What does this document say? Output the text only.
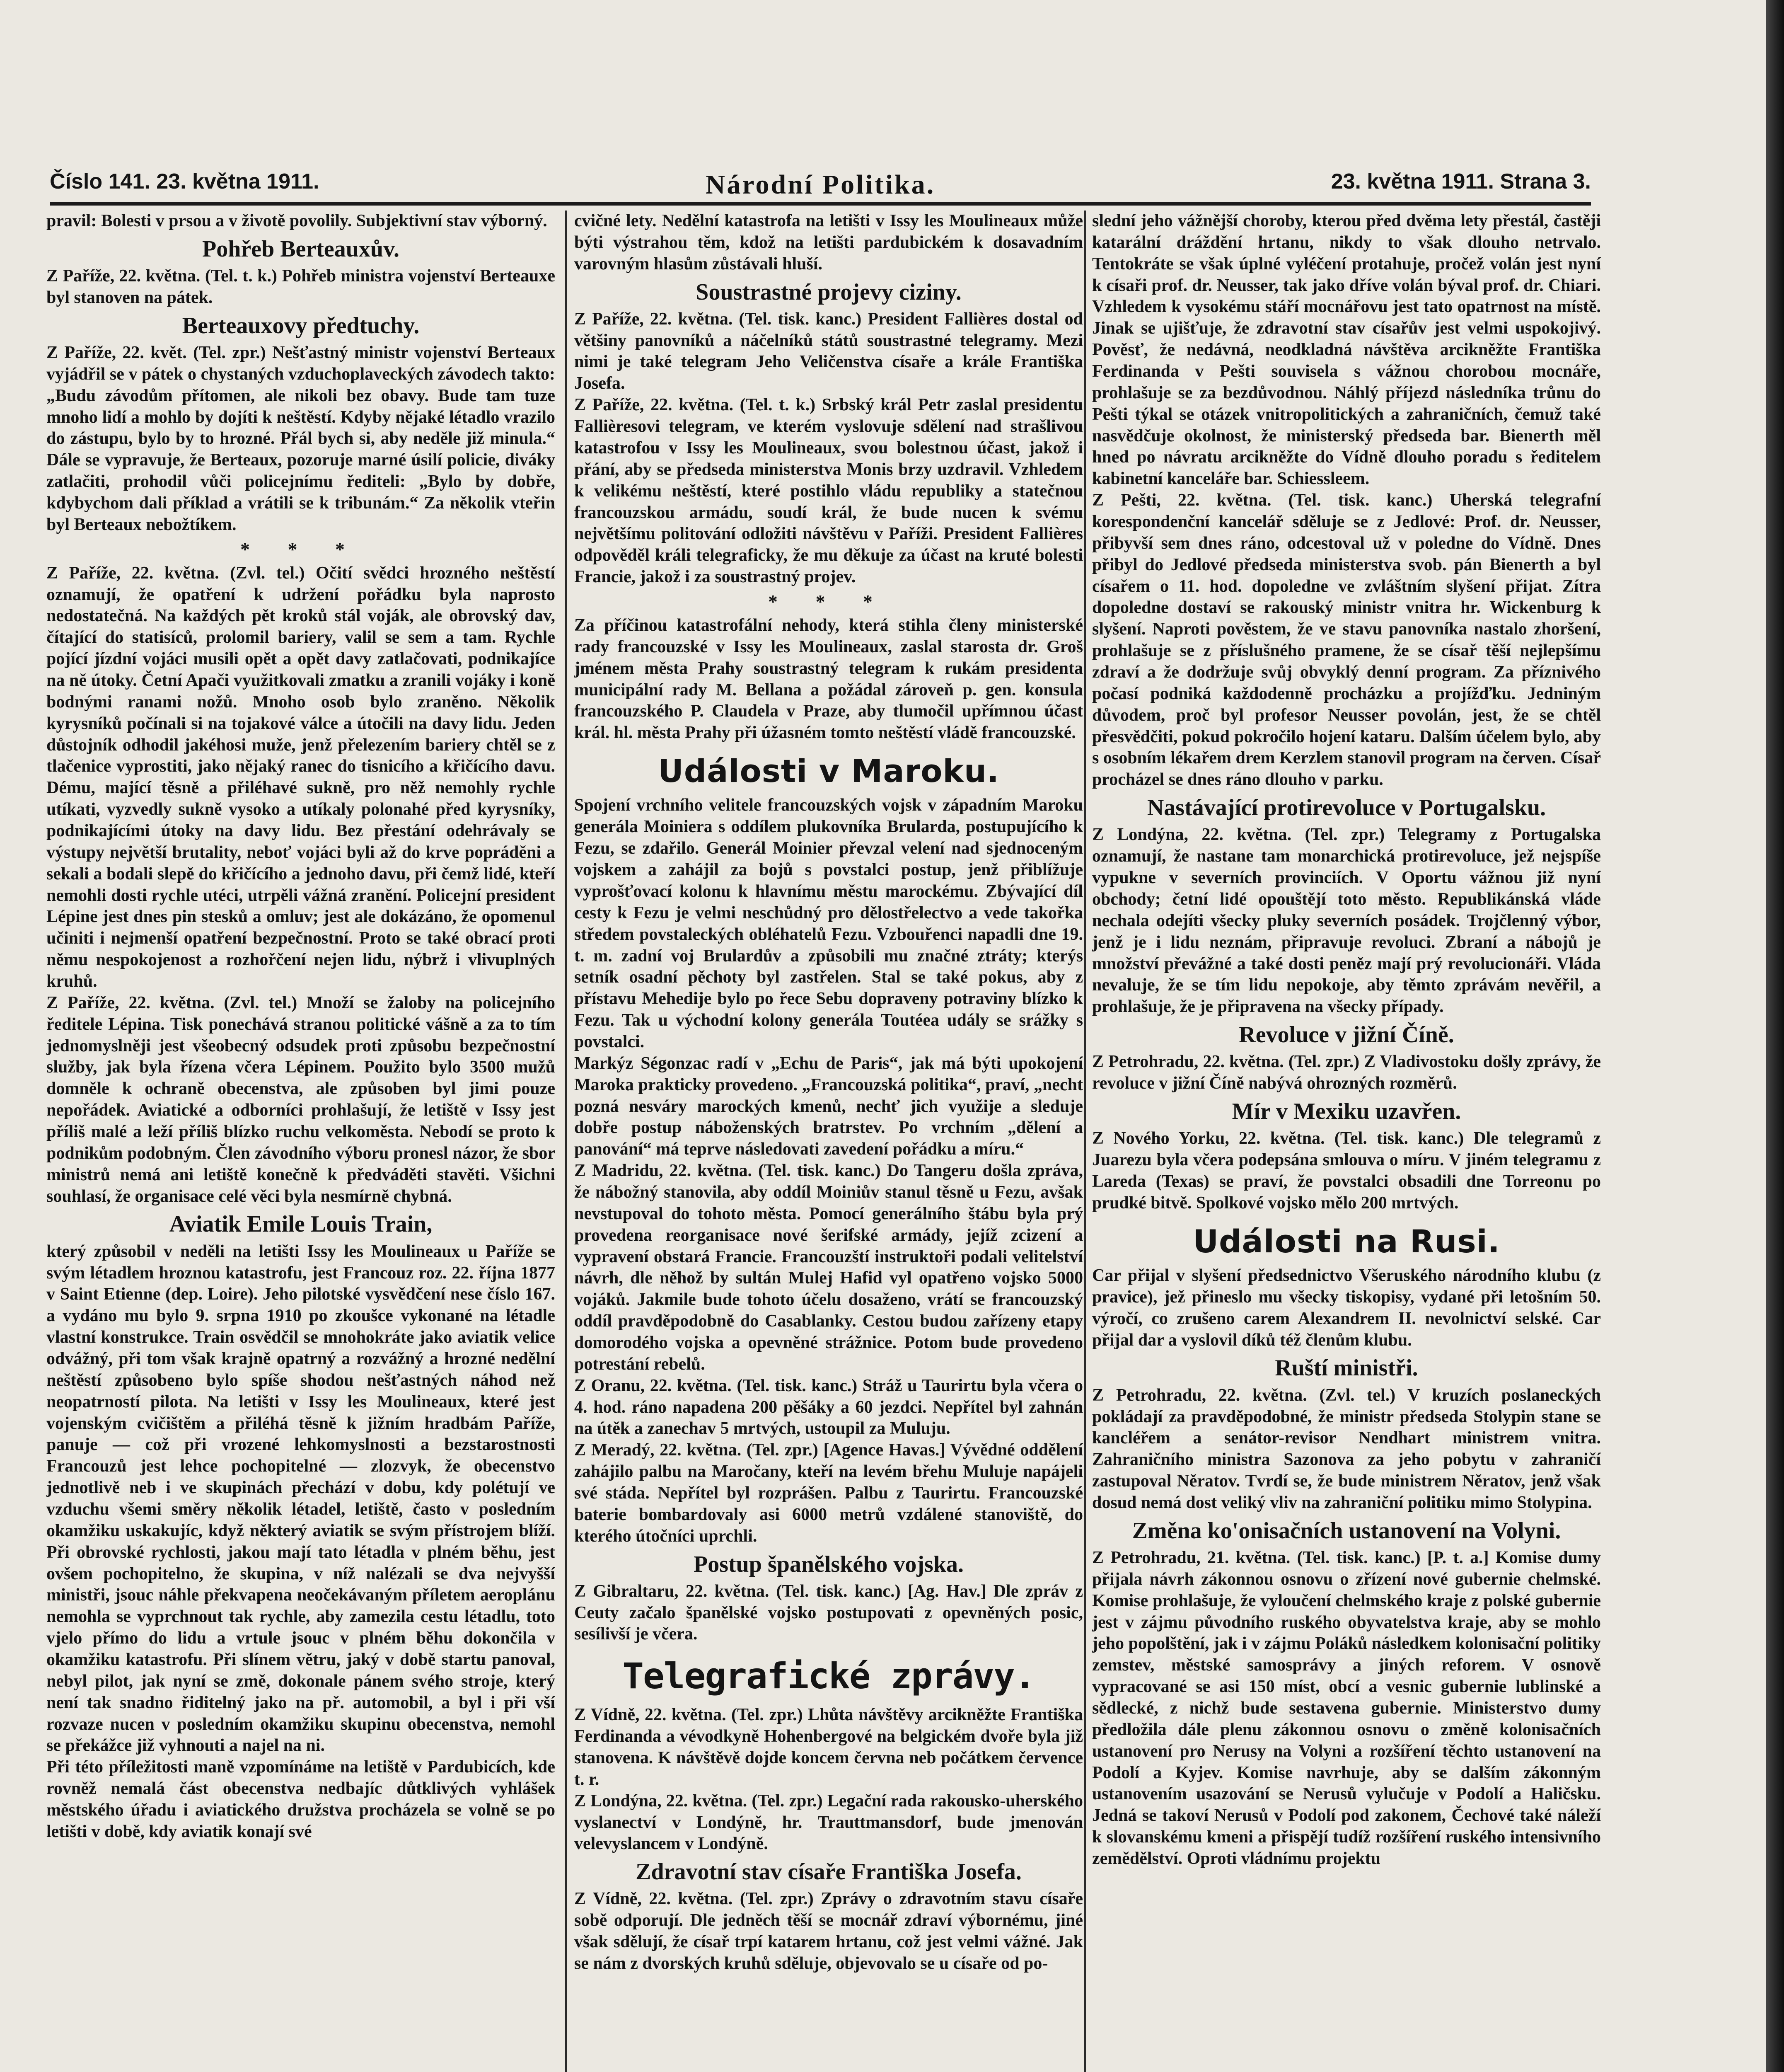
Číslo 141. 23. května 1911.	Národní Politika.	23. května 1911. Strana 3.
pravil: Bolesti v prsou a v životě povolily. Subjektivní stav výborný.
Pohřeb Berteauxův.
Z Paříže, 22. května. (Tel. t. k.) Pohřeb ministra vojenství Berteauxe byl stanoven na pátek.
Berteauxovy předtuchy.
Z Paříže, 22. květ. (Tel. zpr.) Nešťastný ministr vojenství Berteaux vyjádřil se v pátek o chystaných vzduchoplaveckých závodech takto: „Budu závodům přítomen, ale nikoli bez obavy. Bude tam tuze mnoho lidí a mohlo by dojíti k neštěstí. Kdyby nějaké létadlo vrazilo do zástupu, bylo by to hrozné. Přál bych si, aby neděle již minula.“ Dále se vypravuje, že Berteaux, pozoruje marné úsilí policie, diváky zatlačiti, prohodil vůči policejnímu řediteli: „Bylo by dobře, kdybychom dali příklad a vrátili se k tribunám.“ Za několik vteřin byl Berteaux nebožtíkem.
* * *
Z Paříže, 22. května. (Zvl. tel.) Očití svědci hrozného neštěstí oznamují, že opatření k udržení pořádku byla naprosto nedostatečná. Na každých pět kroků stál voják, ale obrovský dav, čítající do statisíců, prolomil bariery, valil se sem a tam. Rychle pojící jízdní vojáci musili opět a opět davy zatlačovati, podnikajíce na ně útoky. Četní Apači využitkovali zmatku a zranili vojáky i koně bodnými ranami nožů. Mnoho osob bylo zraněno. Několik kyrysníků počínali si na tojakové válce a útočili na davy lidu. Jeden důstojník odhodil jakéhosi muže, jenž přelezením bariery chtěl se z tlačenice vyprostiti, jako nějaký ranec do tisnicího a křičícího davu. Dému, mající těsně a přiléhavé sukně, pro něž nemohly rychle utíkati, vyzvedly sukně vysoko a utíkaly polonahé před kyrysníky, podnikajícími útoky na davy lidu. Bez přestání odehrávaly se výstupy největší brutality, neboť vojáci byli až do krve popráděni a sekali a bodali slepě do křičícího a jednoho davu, při čemž lidé, kteří nemohli dosti rychle utéci, utrpěli vážná zranění. Policejní president Lépine jest dnes pin stesků a omluv; jest ale dokázáno, že opomenul učiniti i nejmenší opatření bezpečnostní. Proto se také obrací proti němu nespokojenost a rozhořčení nejen lidu, nýbrž i vlivuplných kruhů.
Z Paříže, 22. května. (Zvl. tel.) Množí se žaloby na policejního ředitele Lépina. Tisk ponechává stranou politické vášně a za to tím jednomyslněji jest všeobecný odsudek proti způsobu bezpečnostní služby, jak byla řízena včera Lépinem. Použito bylo 3500 mužů domněle k ochraně obecenstva, ale způsoben byl jimi pouze nepořádek. Aviatické a odborníci prohlašují, že letiště v Issy jest příliš malé a leží příliš blízko ruchu velkoměsta. Nebodí se proto k podnikům podobným. Člen závodního výboru pronesl názor, že sbor ministrů nemá ani letiště konečně k předváděti stavěti. Všichni souhlasí, že organisace celé věci byla nesmírně chybná.
Aviatik Emile Louis Train,
který způsobil v neděli na letišti Issy les Moulineaux u Paříže se svým létadlem hroznou katastrofu, jest Francouz roz. 22. října 1877 v Saint Etienne (dep. Loire). Jeho pilotské vysvědčení nese číslo 167. a vydáno mu bylo 9. srpna 1910 po zkoušce vykonané na létadle vlastní konstrukce. Train osvědčil se mnohokráte jako aviatik velice odvážný, při tom však krajně opatrný a rozvážný a hrozné nedělní neštěstí způsobeno bylo spíše shodou nešťastných náhod než neopatrností pilota. Na letišti v Issy les Moulineaux, které jest vojenským cvičištěm a přiléhá těsně k jižním hradbám Paříže, panuje — což při vrozené lehkomyslnosti a bezstarostnosti Francouzů jest lehce pochopitelné — zlozvyk, že obecenstvo jednotlivě neb i ve skupinách přechází v dobu, kdy polétují ve vzduchu všemi směry několik létadel, letiště, často v posledním okamžiku uskakujíc, když některý aviatik se svým přístrojem blíží. Při obrovské rychlosti, jakou mají tato létadla v plném běhu, jest ovšem pochopitelno, že skupina, v níž nalézali se dva nejvyšší ministři, jsouc náhle překvapena neočekávaným příletem aeroplánu nemohla se vyprchnout tak rychle, aby zamezila cestu létadlu, toto vjelo přímo do lidu a vrtule jsouc v plném běhu dokončila v okamžiku katastrofu. Při slínem větru, jaký v době startu panoval, nebyl pilot, jak nyní se změ, dokonale pánem svého stroje, který není tak snadno řiditelný jako na př. automobil, a byl i při vší rozvaze nucen v posledním okamžiku skupinu obecenstva, nemohl se překážce již vyhnouti a najel na ni.
Při této příležitosti maně vzpomínáme na letiště v Pardubicích, kde rovněž nemalá část obecenstva nedbajíc důtklivých vyhlášek městského úřadu i aviatického družstva procházela se volně se po letišti v době, kdy aviatik konají své
cvičné lety. Nedělní katastrofa na letišti v Issy les Moulineaux může býti výstrahou těm, kdož na letišti pardubickém k dosavadním varovným hlasům zůstávali hluší.
Soustrastné projevy ciziny.
Z Paříže, 22. května. (Tel. tisk. kanc.) President Fallières dostal od většiny panovníků a náčelníků států soustrastné telegramy. Mezi nimi je také telegram Jeho Veličenstva císaře a krále Františka Josefa.
Z Paříže, 22. května. (Tel. t. k.) Srbský král Petr zaslal presidentu Fallièresovi telegram, ve kterém vyslovuje sdělení nad strašlivou katastrofou v Issy les Moulineaux, svou bolestnou účast, jakož i přání, aby se předseda ministerstva Monis brzy uzdravil. Vzhledem k velikému neštěstí, které postihlo vládu republiky a statečnou francouzskou armádu, soudí král, že bude nucen k svému největšímu politování odložiti návštěvu v Paříži. President Fallières odpověděl králi telegraficky, že mu děkuje za účast na kruté bolesti Francie, jakož i za soustrastný projev.
* * *
Za příčinou katastrofální nehody, která stihla členy ministerské rady francouzské v Issy les Moulineaux, zaslal starosta dr. Groš jménem města Prahy soustrastný telegram k rukám presidenta municipální rady M. Bellana a požádal zároveň p. gen. konsula francouzského P. Claudela v Praze, aby tlumočil upřímnou účast král. hl. města Prahy při úžasném tomto neštěstí vládě francouzské.
Události v Maroku.
Spojení vrchního velitele francouzských vojsk v západním Maroku generála Moiniera s oddílem plukovníka Brularda, postupujícího k Fezu, se zdařilo. Generál Moinier převzal velení nad sjednoceným vojskem a zahájil za bojů s povstalci postup, jenž přiblížuje vyprošťovací kolonu k hlavnímu městu marockému. Zbývající díl cesty k Fezu je velmi neschůdný pro dělostřelectvo a vede takořka středem povstaleckých obléhatelů Fezu. Vzbouřenci napadli dne 19. t. m. zadní voj Brulardův a způsobili mu značné ztráty; kterýs setník osadní pěchoty byl zastřelen. Stal se také pokus, aby z přístavu Mehedije bylo po řece Sebu dopraveny potraviny blízko k Fezu. Tak u východní kolony generála Toutéea udály se srážky s povstalci.
Markýz Ségonzac radí v „Echu de Paris“, jak má býti upokojení Maroka prakticky provedeno. „Francouzská politika“, praví, „necht pozná nesváry marockých kmenů, nechť jich využije a sleduje dobře postup náboženských bratrstev. Po vrchním „dělení a panování“ má teprve následovati zavedení pořádku a míru.“
Z Madridu, 22. května. (Tel. tisk. kanc.) Do Tangeru došla zpráva, že nábožný stanovila, aby oddíl Moiniův stanul těsně u Fezu, avšak nevstupoval do tohoto města. Pomocí generálního štábu byla prý provedena reorganisace nové šerifské armády, jejíž zcizení a vypravení obstará Francie. Francouzští instruktoři podali velitelství návrh, dle něhož by sultán Mulej Hafid vyl opatřeno vojsko 5000 vojáků. Jakmile bude tohoto účelu dosaženo, vrátí se francouzský oddíl pravděpodobně do Casablanky. Cestou budou zařízeny etapy domorodého vojska a opevněné strážnice. Potom bude provedeno potrestání rebelů.
Z Oranu, 22. května. (Tel. tisk. kanc.) Stráž u Taurirtu byla včera o 4. hod. ráno napadena 200 pěšáky a 60 jezdci. Nepřítel byl zahnán na útěk a zanechav 5 mrtvých, ustoupil za Muluju.
Z Meradý, 22. května. (Tel. zpr.) [Agence Havas.] Vývědné oddělení zahájilo palbu na Maročany, kteří na levém břehu Muluje napájeli své stáda. Nepřítel byl rozprášen. Palbu z Taurirtu. Francouzské baterie bombardovaly asi 6000 metrů vzdálené stanoviště, do kterého útočníci uprchli.
Postup španělského vojska.
Z Gibraltaru, 22. května. (Tel. tisk. kanc.) [Ag. Hav.] Dle zpráv z Ceuty začalo španělské vojsko postupovati z opevněných posic, sesílivší je včera.
Telegrafické zprávy.
Z Vídně, 22. května. (Tel. zpr.) Lhůta návštěvy arcikněžte Františka Ferdinanda a vévodkyně Hohenbergové na belgickém dvoře byla již stanovena. K návštěvě dojde koncem června neb počátkem července t. r.
Z Londýna, 22. května. (Tel. zpr.) Legační rada rakousko-uherského vyslanectví v Londýně, hr. Trauttmansdorf, bude jmenován velevyslancem v Londýně.
Zdravotní stav císaře Františka Josefa.
Z Vídně, 22. května. (Tel. zpr.) Zprávy o zdravotním stavu císaře sobě odporují. Dle jedněch těší se mocnář zdraví výbornému, jiné však sdělují, že císař trpí katarem hrtanu, což jest velmi vážné. Jak se nám z dvorských kruhů sděluje, objevovalo se u císaře od po-
slední jeho vážnější choroby, kterou před dvěma lety přestál, častěji katarální dráždění hrtanu, nikdy to však dlouho netrvalo. Tentokráte se však úplné vyléčení protahuje, pročež volán jest nyní k císaři prof. dr. Neusser, tak jako dříve volán býval prof. dr. Chiari. Vzhledem k vysokému stáří mocnářovu jest tato opatrnost na místě. Jinak se ujišťuje, že zdravotní stav císařův jest velmi uspokojivý. Pověsť, že nedávná, neodkladná návštěva arcikněžte Františka Ferdinanda v Pešti souvisela s vážnou chorobou mocnáře, prohlašuje se za bezdůvodnou. Náhlý příjezd následníka trůnu do Pešti týkal se otázek vnitropolitických a zahraničních, čemuž také nasvědčuje okolnost, že ministerský předseda bar. Bienerth měl hned po návratu arcikněžte do Vídně dlouho poradu s ředitelem kabinetní kanceláře bar. Schiessleem.
Z Pešti, 22. května. (Tel. tisk. kanc.) Uherská telegrafní korespondenční kancelář sděluje se z Jedlové: Prof. dr. Neusser, přibyvší sem dnes ráno, odcestoval už v poledne do Vídně. Dnes přibyl do Jedlové předseda ministerstva svob. pán Bienerth a byl císařem o 11. hod. dopoledne ve zvláštním slyšení přijat. Zítra dopoledne dostaví se rakouský ministr vnitra hr. Wickenburg k slyšení. Naproti pověstem, že ve stavu panovníka nastalo zhoršení, prohlašuje se z příslušného pramene, že se císař těší nejlepšímu zdraví a že dodržuje svůj obvyklý denní program. Za příznivého počasí podniká každodenně procházku a projížďku. Jedniným důvodem, proč byl profesor Neusser povolán, jest, že se chtěl přesvědčiti, pokud pokročilo hojení kataru. Dalším účelem bylo, aby s osobním lékařem drem Kerzlem stanovil program na červen. Císař procházel se dnes ráno dlouho v parku.
Nastávající protirevoluce v Portugalsku.
Z Londýna, 22. května. (Tel. zpr.) Telegramy z Portugalska oznamují, že nastane tam monarchická protirevoluce, jež nejspíše vypukne v severních provinciích. V Oportu vážnou již nyní obchody; četní lidé opouštějí toto město. Republikánská vláde nechala odejíti všecky pluky severních posádek. Trojčlenný výbor, jenž je i lidu neznám, připravuje revoluci. Zbraní a nábojů je množství převážné a také dosti peněz mají prý revolucionáři. Vláda nevaluje, že se tím lidu nepokoje, aby těmto zprávám nevěřil, a prohlašuje, že je připravena na všecky případy.
Revoluce v jižní Číně.
Z Petrohradu, 22. května. (Tel. zpr.) Z Vladivostoku došly zprávy, že revoluce v jižní Číně nabývá ohrozných rozměrů.
Mír v Mexiku uzavřen.
Z Nového Yorku, 22. května. (Tel. tisk. kanc.) Dle telegramů z Juarezu byla včera podepsána smlouva o míru. V jiném telegramu z Lareda (Texas) se praví, že povstalci obsadili dne Torreonu po prudké bitvě. Spolkové vojsko mělo 200 mrtvých.
Události na Rusi.
Car přijal v slyšení předsednictvo Všeruského národního klubu (z pravice), jež přineslo mu všecky tiskopisy, vydané při letošním 50. výročí, co zrušeno carem Alexandrem II. nevolnictví selské. Car přijal dar a vyslovil díků též členům klubu.
Ruští ministři.
Z Petrohradu, 22. května. (Zvl. tel.) V kruzích poslaneckých pokládají za pravděpodobné, že ministr předseda Stolypin stane se kancléřem a senátor-revisor Nendhart ministrem vnitra. Zahraničního ministra Sazonova za jeho pobytu v zahraničí zastupoval Něratov. Tvrdí se, že bude ministrem Něratov, jenž však dosud nemá dost veliký vliv na zahraniční politiku mimo Stolypina.
Změna ko'onisačních ustanovení na Volyni.
Z Petrohradu, 21. května. (Tel. tisk. kanc.) [P. t. a.] Komise dumy přijala návrh zákonnou osnovu o zřízení nové gubernie chelmské. Komise prohlašuje, že vyloučení chelmského kraje z polské gubernie jest v zájmu původního ruského obyvatelstva kraje, aby se mohlo jeho popolštění, jak i v zájmu Poláků následkem kolonisační politiky zemstev, městské samosprávy a jiných reforem. V osnově vypracované se asi 150 míst, obcí a vesnic gubernie lublinské a sědlecké, z nichž bude sestavena gubernie. Ministerstvo dumy předložila dále plenu zákonnou osnovu o změně kolonisačních ustanovení pro Nerusy na Volyni a rozšíření těchto ustanovení na Podolí a Kyjev. Komise navrhuje, aby se dalším zákonným ustanovením usazování se Nerusů vylučuje v Podolí a Haličsku. Jedná se takoví Nerusů v Podolí pod zakonem, Čechové také náleží k slovanskému kmeni a přispějí tudíž rozšíření ruského intensivního zemědělství. Oproti vládnímu projektu
